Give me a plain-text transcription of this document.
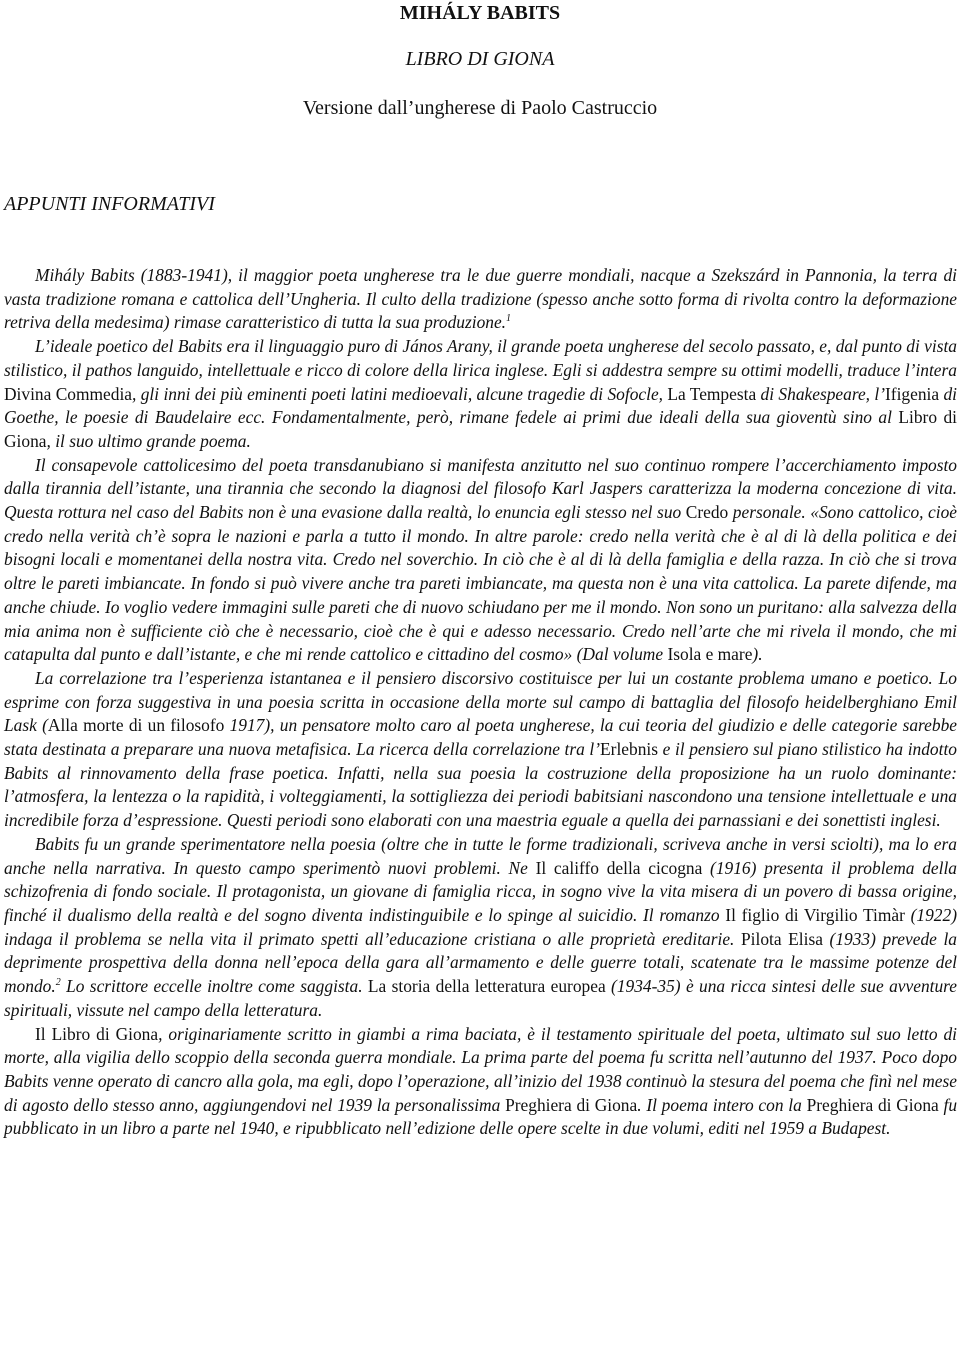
MIHÁLY BABITS
LIBRO DI GIONA
Versione dall’ungherese di Paolo Castruccio
APPUNTI INFORMATIVI

Mihály Babits (1883-1941), il maggior poeta ungherese tra le due guerre mondiali, nacque a Szekszárd in Pannonia, la terra di vasta tradizione romana e cattolica dell’Ungheria. Il culto della tradizione (spesso anche sotto forma di rivolta contro la deformazione retriva della medesima) rimase caratteristico di tutta la sua produzione.$^1$

L’ideale poetico del Babits era il linguaggio puro di János Arany, il grande poeta ungherese del secolo passato, e, dal punto di vista stilistico, il pathos languido, intellettuale e ricco di colore della lirica inglese. Egli si addestra sempre su ottimi modelli, traduce l’intera Divina Commedia, gli inni dei più eminenti poeti latini medioevali, alcune tragedie di Sofocle, La Tempesta di Shakespeare, l’Ifigenia di Goethe, le poesie di Baudelaire ecc. Fondamentalmente, però, rimane fedele ai primi due ideali della sua gioventù sino al Libro di Giona, il suo ultimo grande poema.

Il consapevole cattolicesimo del poeta transdanubiano si manifesta anzitutto nel suo continuo rompere l’accerchiamento imposto dalla tirannia dell’istante, una tirannia che secondo la diagnosi del filosofo Karl Jaspers caratterizza la moderna concezione di vita. Questa rottura nel caso del Babits non è una evasione dalla realtà, lo enuncia egli stesso nel suo Credo personale. «Sono cattolico, cioè credo nella verità ch’è sopra le nazioni e parla a tutto il mondo. In altre parole: credo nella verità che è al di là della politica e dei bisogni locali e momentanei della nostra vita. Credo nel soverchio. In ciò che è al di là della famiglia e della razza. In ciò che si trova oltre le pareti imbiancate. In fondo si può vivere anche tra pareti imbiancate, ma questa non è una vita cattolica. La parete difende, ma anche chiude. Io voglio vedere immagini sulle pareti che di nuovo schiudano per me il mondo. Non sono un puritano: alla salvezza della mia anima non è sufficiente ciò che è necessario, cioè che è qui e adesso necessario. Credo nell’arte che mi rivela il mondo, che mi catapulta dal punto e dall’istante, e che mi rende cattolico e cittadino del cosmo» (Dal volume Isola e mare).

La correlazione tra l’esperienza istantanea e il pensiero discorsivo costituisce per lui un costante problema umano e poetico. Lo esprime con forza suggestiva in una poesia scritta in occasione della morte sul campo di battaglia del filosofo heidelberghiano Emil Lask (Alla morte di un filosofo 1917), un pensatore molto caro al poeta ungherese, la cui teoria del giudizio e delle categorie sarebbe stata destinata a preparare una nuova metafisica. La ricerca della correlazione tra l’Erlebnis e il pensiero sul piano stilistico ha indotto Babits al rinnovamento della frase poetica. Infatti, nella sua poesia la costruzione della proposizione ha un ruolo dominante: l’atmosfera, la lentezza o la rapidità, i volteggiamenti, la sottigliezza dei periodi babitsiani nascondono una tensione intellettuale e una incredibile forza d’espressione. Questi periodi sono elaborati con una maestria eguale a quella dei parnassiani e dei sonettisti inglesi.

Babits fu un grande sperimentatore nella poesia (oltre che in tutte le forme tradizionali, scriveva anche in versi sciolti), ma lo era anche nella narrativa. In questo campo sperimentò nuovi problemi. Ne Il califfo della cicogna (1916) presenta il problema della schizofrenia di fondo sociale. Il protagonista, un giovane di famiglia ricca, in sogno vive la vita misera di un povero di bassa origine, finché il dualismo della realtà e del sogno diventa indistinguibile e lo spinge al suicidio. Il romanzo Il figlio di Virgilio Timàr (1922) indaga il problema se nella vita il primato spetti all’educazione cristiana o alle proprietà ereditarie. Pilota Elisa (1933) prevede la deprimente prospettiva della donna nell’epoca della gara all’armamento e delle guerre totali, scatenate tra le massime potenze del mondo.$^2$ Lo scrittore eccelle inoltre come saggista. La storia della letteratura europea (1934-35) è una ricca sintesi delle sue avventure spirituali, vissute nel campo della letteratura.

Il Libro di Giona, originariamente scritto in giambi a rima baciata, è il testamento spirituale del poeta, ultimato sul suo letto di morte, alla vigilia dello scoppio della seconda guerra mondiale. La prima parte del poema fu scritta nell’autunno del 1937. Poco dopo Babits venne operato di cancro alla gola, ma egli, dopo l’operazione, all’inizio del 1938 continuò la stesura del poema che finì nel mese di agosto dello stesso anno, aggiungendovi nel 1939 la personalissima Preghiera di Giona. Il poema intero con la Preghiera di Giona fu pubblicato in un libro a parte nel 1940, e ripubblicato nell’edizione delle opere scelte in due volumi, editi nel 1959 a Budapest.
